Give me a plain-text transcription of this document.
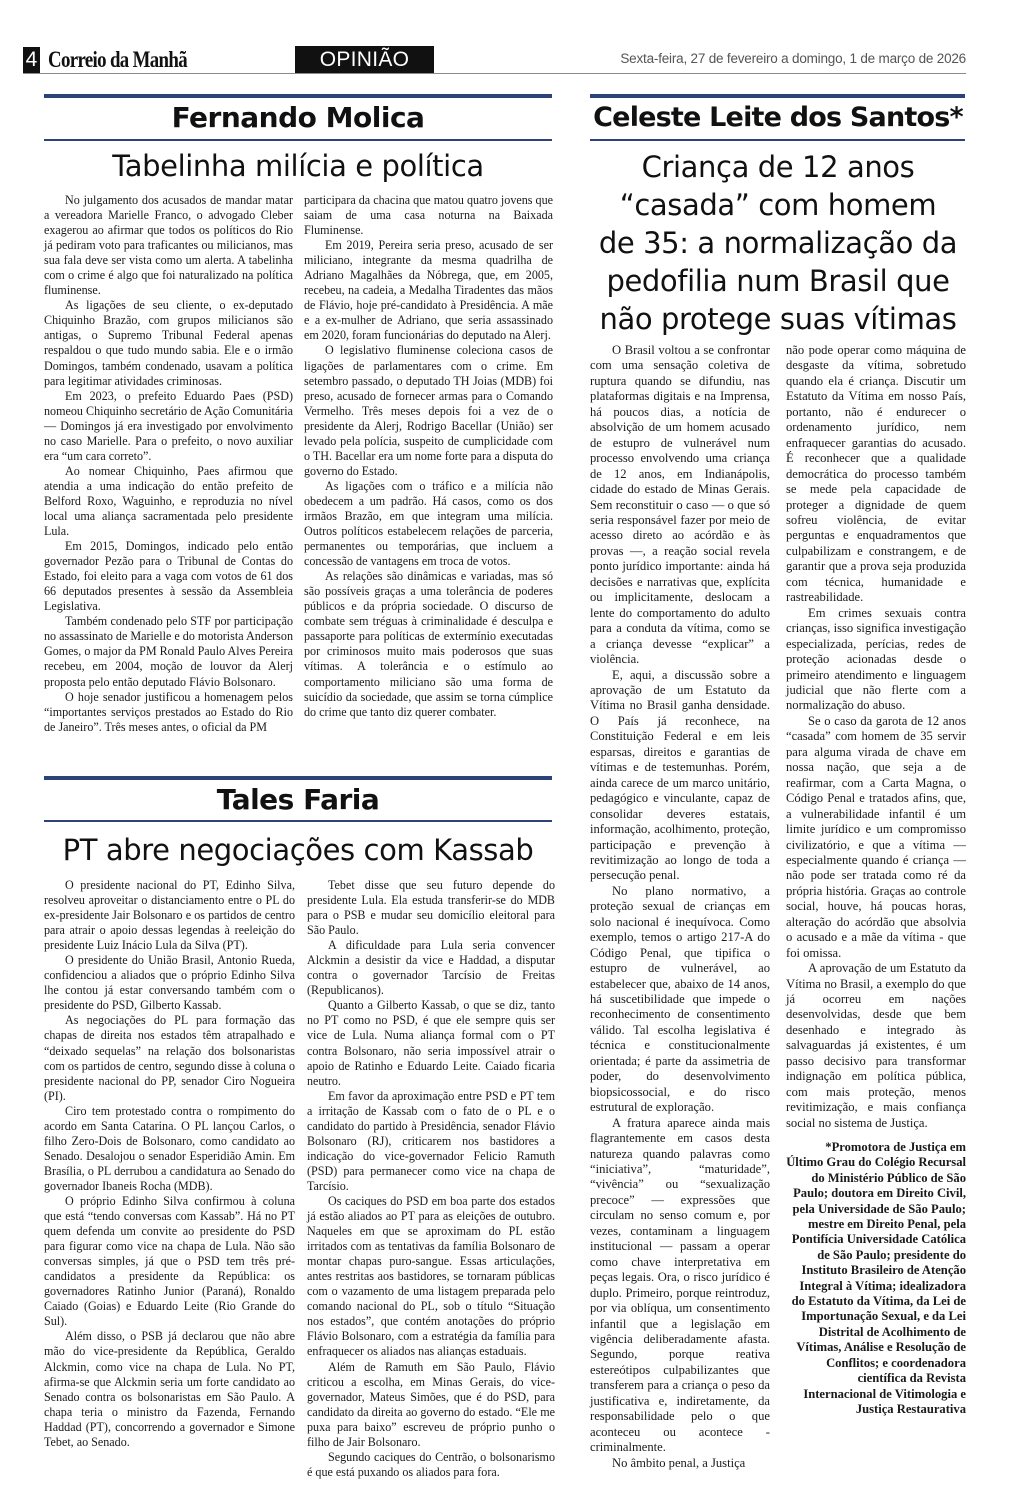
4 Correio da Manhã	OPINIÃO	Sexta-feira, 27 de fevereiro a domingo, 1 de março de 2026
Fernando Molica
Tabelinha milícia e política

No julgamento dos acusados de mandar matar a vereadora Marielle Franco, o advogado Cleber exagerou ao afirmar que todos os políticos do Rio já pediram voto para traficantes ou milicianos, mas sua fala deve ser vista como um alerta. A tabelinha com o crime é algo que foi naturalizado na política fluminense.

As ligações de seu cliente, o ex-deputado Chiquinho Brazão, com grupos milicianos são antigas, o Supremo Tribunal Federal apenas respaldou o que tudo mundo sabia. Ele e o irmão Domingos, também condenado, usavam a política para legitimar atividades criminosas.

Em 2023, o prefeito Eduardo Paes (PSD) nomeou Chiquinho secretário de Ação Comunitária — Domingos já era investigado por envolvimento no caso Marielle. Para o prefeito, o novo auxiliar era “um cara correto”.

Ao nomear Chiquinho, Paes afirmou que atendia a uma indicação do então prefeito de Belford Roxo, Waguinho, e reproduzia no nível local uma aliança sacramentada pelo presidente Lula.

Em 2015, Domingos, indicado pelo então governador Pezão para o Tribunal de Contas do Estado, foi eleito para a vaga com votos de 61 dos 66 deputados presentes à sessão da Assembleia Legislativa.

Também condenado pelo STF por participação no assassinato de Marielle e do motorista Anderson Gomes, o major da PM Ronald Paulo Alves Pereira recebeu, em 2004, moção de louvor da Alerj proposta pelo então deputado Flávio Bolsonaro.

O hoje senador justificou a homenagem pelos “importantes serviços prestados ao Estado do Rio de Janeiro”. Três meses antes, o oficial da PM

participara da chacina que matou quatro jovens que saiam de uma casa noturna na Baixada Fluminense.

Em 2019, Pereira seria preso, acusado de ser miliciano, integrante da mesma quadrilha de Adriano Magalhães da Nóbrega, que, em 2005, recebeu, na cadeia, a Medalha Tiradentes das mãos de Flávio, hoje pré-candidato à Presidência. A mãe e a ex-mulher de Adriano, que seria assassinado em 2020, foram funcionárias do deputado na Alerj.

O legislativo fluminense coleciona casos de ligações de parlamentares com o crime. Em setembro passado, o deputado TH Joias (MDB) foi preso, acusado de fornecer armas para o Comando Vermelho. Três meses depois foi a vez de o presidente da Alerj, Rodrigo Bacellar (União) ser levado pela polícia, suspeito de cumplicidade com o TH. Bacellar era um nome forte para a disputa do governo do Estado.

As ligações com o tráfico e a milícia não obedecem a um padrão. Há casos, como os dos irmãos Brazão, em que integram uma milícia. Outros políticos estabelecem relações de parceria, permanentes ou temporárias, que incluem a concessão de vantagens em troca de votos.

As relações são dinâmicas e variadas, mas só são possíveis graças a uma tolerância de poderes públicos e da própria sociedade. O discurso de combate sem tréguas à criminalidade é desculpa e passaporte para políticas de extermínio executadas por criminosos muito mais poderosos que suas vítimas. A tolerância e o estímulo ao comportamento miliciano são uma forma de suicídio da sociedade, que assim se torna cúmplice do crime que tanto diz querer combater.

Tales Faria
PT abre negociações com Kassab

O presidente nacional do PT, Edinho Silva, resolveu aproveitar o distanciamento entre o PL do ex-presidente Jair Bolsonaro e os partidos de centro para atrair o apoio dessas legendas à reeleição do presidente Luiz Inácio Lula da Silva (PT).

O presidente do União Brasil, Antonio Rueda, confidenciou a aliados que o próprio Edinho Silva lhe contou já estar conversando também com o presidente do PSD, Gilberto Kassab.

As negociações do PL para formação das chapas de direita nos estados têm atrapalhado e “deixado sequelas” na relação dos bolsonaristas com os partidos de centro, segundo disse à coluna o presidente nacional do PP, senador Ciro Nogueira (PI).

Ciro tem protestado contra o rompimento do acordo em Santa Catarina. O PL lançou Carlos, o filho Zero-Dois de Bolsonaro, como candidato ao Senado. Desalojou o senador Esperidião Amin. Em Brasília, o PL derrubou a candidatura ao Senado do governador Ibaneis Rocha (MDB).

O próprio Edinho Silva confirmou à coluna que está “tendo conversas com Kassab”. Há no PT quem defenda um convite ao presidente do PSD para figurar como vice na chapa de Lula. Não são conversas simples, já que o PSD tem três pré-candidatos a presidente da República: os governadores Ratinho Junior (Paraná), Ronaldo Caiado (Goias) e Eduardo Leite (Rio Grande do Sul).

Além disso, o PSB já declarou que não abre mão do vice-presidente da República, Geraldo Alckmin, como vice na chapa de Lula. No PT, afirma-se que Alckmin seria um forte candidato ao Senado contra os bolsonaristas em São Paulo. A chapa teria o ministro da Fazenda, Fernando Haddad (PT), concorrendo a governador e Simone Tebet, ao Senado.

Tebet disse que seu futuro depende do presidente Lula. Ela estuda transferir-se do MDB para o PSB e mudar seu domicílio eleitoral para São Paulo.

A dificuldade para Lula seria convencer Alckmin a desistir da vice e Haddad, a disputar contra o governador Tarcísio de Freitas (Republicanos).

Quanto a Gilberto Kassab, o que se diz, tanto no PT como no PSD, é que ele sempre quis ser vice de Lula. Numa aliança formal com o PT contra Bolsonaro, não seria impossível atrair o apoio de Ratinho e Eduardo Leite. Caiado ficaria neutro.

Em favor da aproximação entre PSD e PT tem a irritação de Kassab com o fato de o PL e o candidato do partido à Presidência, senador Flávio Bolsonaro (RJ), criticarem nos bastidores a indicação do vice-governador Felicio Ramuth (PSD) para permanecer como vice na chapa de Tarcísio.

Os caciques do PSD em boa parte dos estados já estão aliados ao PT para as eleições de outubro. Naqueles em que se aproximam do PL estão irritados com as tentativas da família Bolsonaro de montar chapas puro-sangue. Essas articulações, antes restritas aos bastidores, se tornaram públicas com o vazamento de uma listagem preparada pelo comando nacional do PL, sob o título “Situação nos estados”, que contém anotações do próprio Flávio Bolsonaro, com a estratégia da família para enfraquecer os aliados nas alianças estaduais.

Além de Ramuth em São Paulo, Flávio criticou a escolha, em Minas Gerais, do vice-governador, Mateus Simões, que é do PSD, para candidato da direita ao governo do estado. “Ele me puxa para baixo” escreveu de próprio punho o filho de Jair Bolsonaro.

Segundo caciques do Centrão, o bolsonarismo é que está puxando os aliados para fora.

Celeste Leite dos Santos*
Criança de 12 anos
“casada” com homem
de 35: a normalização da
pedofilia num Brasil que
não protege suas vítimas

O Brasil voltou a se confrontar com uma sensação coletiva de ruptura quando se difundiu, nas plataformas digitais e na Imprensa, há poucos dias, a notícia de absolvição de um homem acusado de estupro de vulnerável num processo envolvendo uma criança de 12 anos, em Indianápolis, cidade do estado de Minas Gerais. Sem reconstituir o caso — o que só seria responsável fazer por meio de acesso direto ao acórdão e às provas —, a reação social revela ponto jurídico importante: ainda há decisões e narrativas que, explícita ou implicitamente, deslocam a lente do comportamento do adulto para a conduta da vítima, como se a criança devesse “explicar” a violência.

E, aqui, a discussão sobre a aprovação de um Estatuto da Vítima no Brasil ganha densidade. O País já reconhece, na Constituição Federal e em leis esparsas, direitos e garantias de vítimas e de testemunhas. Porém, ainda carece de um marco unitário, pedagógico e vinculante, capaz de consolidar deveres estatais, informação, acolhimento, proteção, participação e prevenção à revitimização ao longo de toda a persecução penal.

No plano normativo, a proteção sexual de crianças em solo nacional é inequívoca. Como exemplo, temos o artigo 217-A do Código Penal, que tipifica o estupro de vulnerável, ao estabelecer que, abaixo de 14 anos, há suscetibilidade que impede o reconhecimento de consentimento válido. Tal escolha legislativa é técnica e constitucionalmente orientada; é parte da assimetria de poder, do desenvolvimento biopsicossocial, e do risco estrutural de exploração.

A fratura aparece ainda mais flagrantemente em casos desta natureza quando palavras como “iniciativa”, “maturidade”, “vivência” ou “sexualização precoce” — expressões que circulam no senso comum e, por vezes, contaminam a linguagem institucional — passam a operar como chave interpretativa em peças legais. Ora, o risco jurídico é duplo. Primeiro, porque reintroduz, por via oblíqua, um consentimento infantil que a legislação em vigência deliberadamente afasta. Segundo, porque reativa estereótipos culpabilizantes que transferem para a criança o peso da justificativa e, indiretamente, da responsabilidade pelo o que aconteceu ou acontece - criminalmente.

No âmbito penal, a Justiça

não pode operar como máquina de desgaste da vítima, sobretudo quando ela é criança. Discutir um Estatuto da Vítima em nosso País, portanto, não é endurecer o ordenamento jurídico, nem enfraquecer garantias do acusado. É reconhecer que a qualidade democrática do processo também se mede pela capacidade de proteger a dignidade de quem sofreu violência, de evitar perguntas e enquadramentos que culpabilizam e constrangem, e de garantir que a prova seja produzida com técnica, humanidade e rastreabilidade.

Em crimes sexuais contra crianças, isso significa investigação especializada, perícias, redes de proteção acionadas desde o primeiro atendimento e linguagem judicial que não flerte com a normalização do abuso.

Se o caso da garota de 12 anos “casada” com homem de 35 servir para alguma virada de chave em nossa nação, que seja a de reafirmar, com a Carta Magna, o Código Penal e tratados afins, que, a vulnerabilidade infantil é um limite jurídico e um compromisso civilizatório, e que a vítima — especialmente quando é criança — não pode ser tratada como ré da própria história. Graças ao controle social, houve, há poucas horas, alteração do acórdão que absolvia o acusado e a mãe da vítima - que foi omissa.

A aprovação de um Estatuto da Vítima no Brasil, a exemplo do que já ocorreu em nações desenvolvidas, desde que bem desenhado e integrado às salvaguardas já existentes, é um passo decisivo para transformar indignação em política pública, com mais proteção, menos revitimização, e mais confiança social no sistema de Justiça.

*Promotora de Justiça em Último Grau do Colégio Recursal do Ministério Público de São Paulo; doutora em Direito Civil, pela Universidade de São Paulo; mestre em Direito Penal, pela Pontifícia Universidade Católica de São Paulo; presidente do Instituto Brasileiro de Atenção Integral à Vítima; idealizadora do Estatuto da Vítima, da Lei de Importunação Sexual, e da Lei Distrital de Acolhimento de Vítimas, Análise e Resolução de Conflitos; e coordenadora científica da Revista Internacional de Vitimologia e Justiça Restaurativa
